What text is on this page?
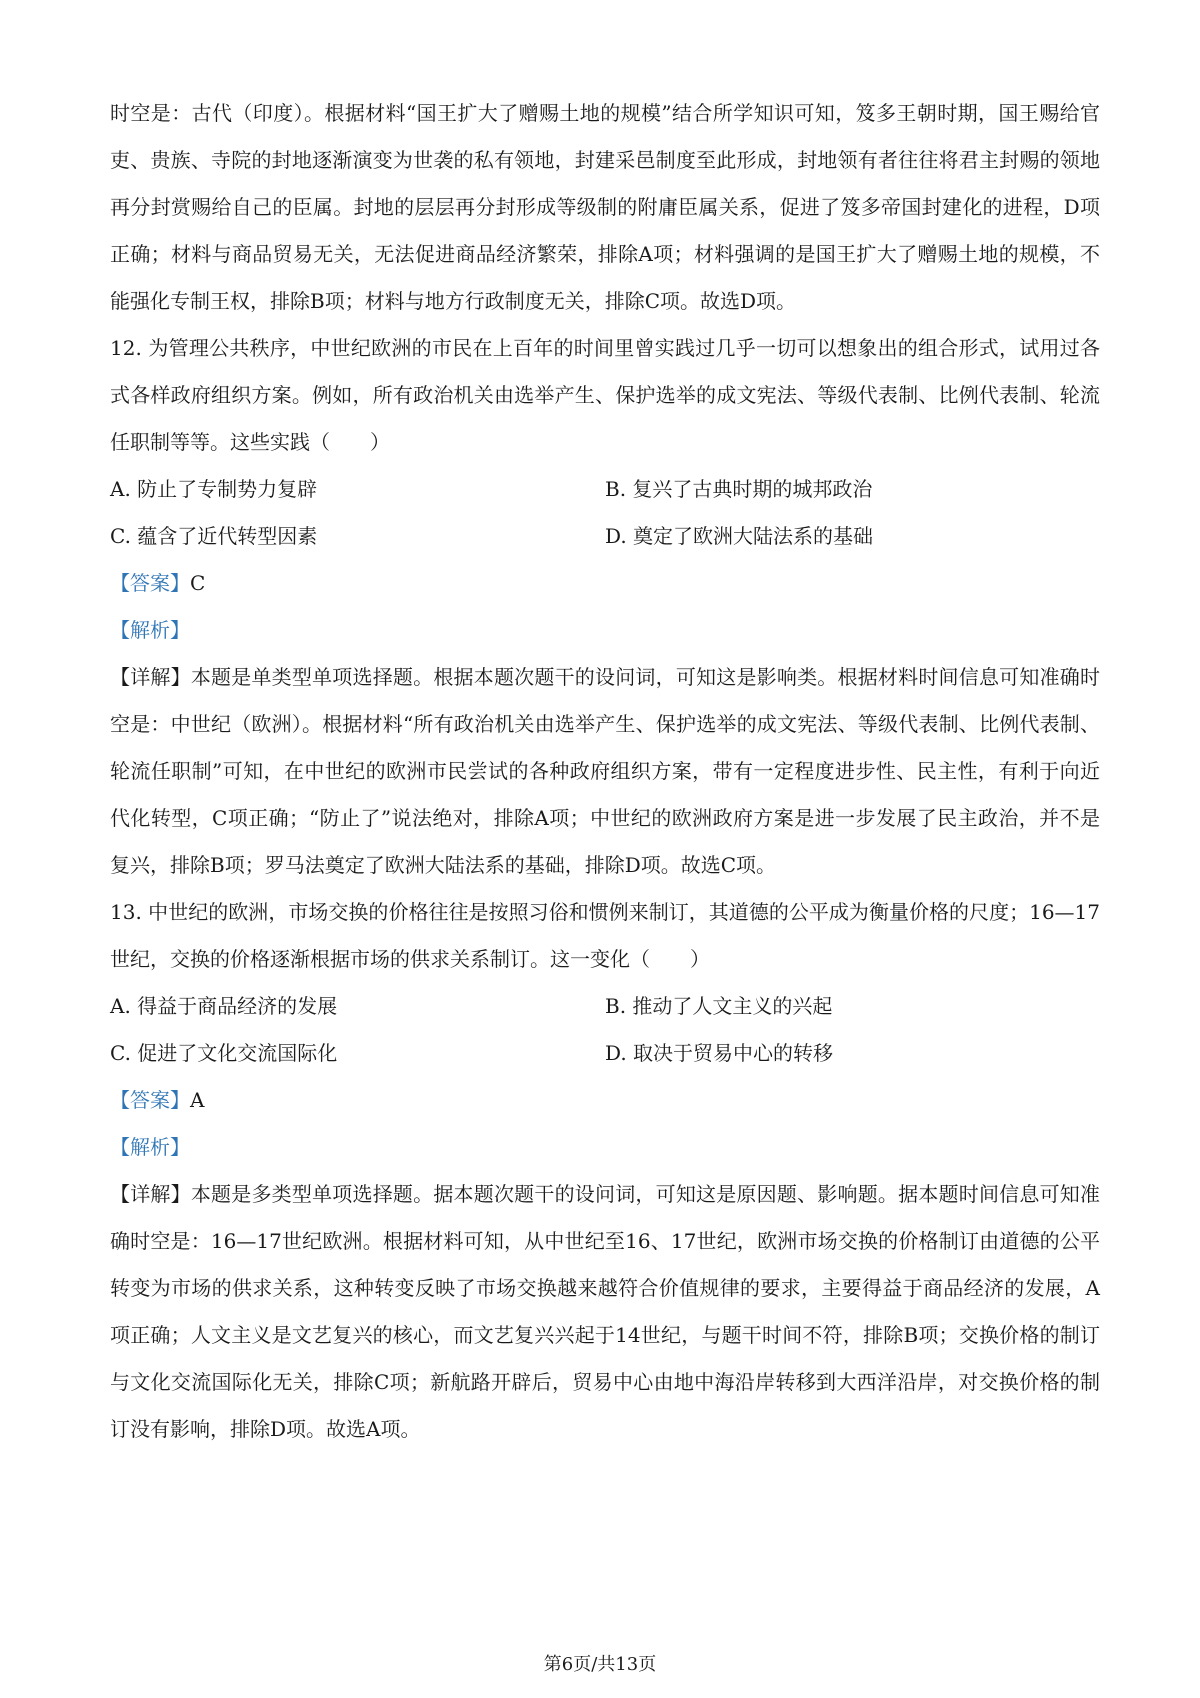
时空是：古代（印度）。根据材料“国王扩大了赠赐土地的规模”结合所学知识可知，笈多王朝时期，国王赐给官吏、贵族、寺院的封地逐渐演变为世袭的私有领地，封建采邑制度至此形成，封地领有者往往将君主封赐的领地再分封赏赐给自己的臣属。封地的层层再分封形成等级制的附庸臣属关系，促进了笈多帝国封建化的进程，D项正确；材料与商品贸易无关，无法促进商品经济繁荣，排除A项；材料强调的是国王扩大了赠赐土地的规模，不能强化专制王权，排除B项；材料与地方行政制度无关，排除C项。故选D项。

12. 为管理公共秩序，中世纪欧洲的市民在上百年的时间里曾实践过几乎一切可以想象出的组合形式，试用过各式各样政府组织方案。例如，所有政治机关由选举产生、保护选举的成文宪法、等级代表制、比例代表制、轮流任职制等等。这些实践（　　）

A. 防止了专制势力复辟	B. 复兴了古典时期的城邦政治
C. 蕴含了近代转型因素	D. 奠定了欧洲大陆法系的基础

【答案】C

【解析】

【详解】本题是单类型单项选择题。根据本题次题干的设问词，可知这是影响类。根据材料时间信息可知准确时空是：中世纪（欧洲）。根据材料“所有政治机关由选举产生、保护选举的成文宪法、等级代表制、比例代表制、轮流任职制”可知，在中世纪的欧洲市民尝试的各种政府组织方案，带有一定程度进步性、民主性，有利于向近代化转型，C项正确；“防止了”说法绝对，排除A项；中世纪的欧洲政府方案是进一步发展了民主政治，并不是复兴，排除B项；罗马法奠定了欧洲大陆法系的基础，排除D项。故选C项。

13. 中世纪的欧洲，市场交换的价格往往是按照习俗和惯例来制订，其道德的公平成为衡量价格的尺度；16—17世纪，交换的价格逐渐根据市场的供求关系制订。这一变化（　　）

A. 得益于商品经济的发展	B. 推动了人文主义的兴起
C. 促进了文化交流国际化	D. 取决于贸易中心的转移

【答案】A

【解析】

【详解】本题是多类型单项选择题。据本题次题干的设问词，可知这是原因题、影响题。据本题时间信息可知准确时空是：16—17世纪欧洲。根据材料可知，从中世纪至16、17世纪，欧洲市场交换的价格制订由道德的公平转变为市场的供求关系，这种转变反映了市场交换越来越符合价值规律的要求，主要得益于商品经济的发展，A项正确；人文主义是文艺复兴的核心，而文艺复兴兴起于14世纪，与题干时间不符，排除B项；交换价格的制订与文化交流国际化无关，排除C项；新航路开辟后，贸易中心由地中海沿岸转移到大西洋沿岸，对交换价格的制订没有影响，排除D项。故选A项。

第6页/共13页
